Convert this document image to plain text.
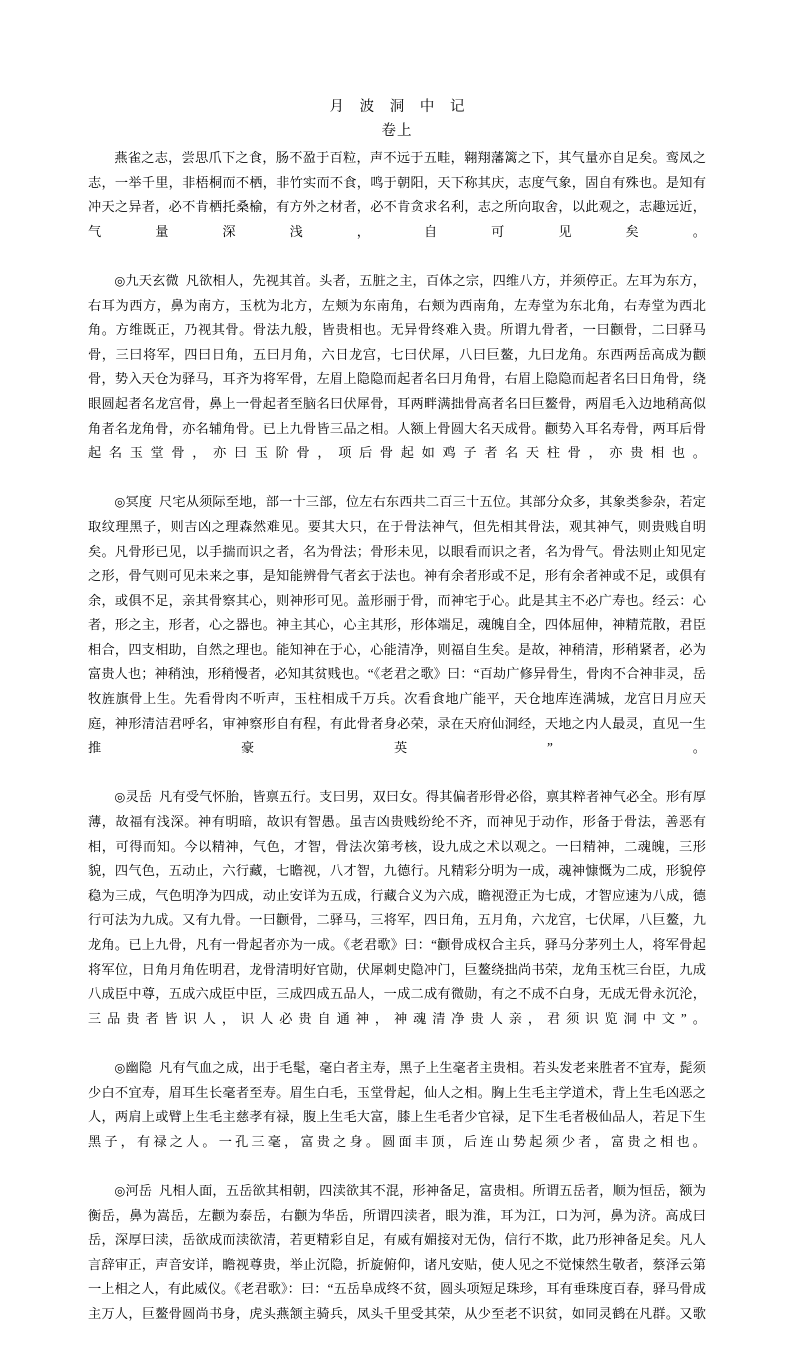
月 波 洞 中 记
卷上

燕雀之志，尝思爪下之食，肠不盈于百粒，声不远于五畦，翱翔藩篱之下，其气量亦自足矣。鸾凤之志，一举千里，非梧桐而不栖，非竹实而不食，鸣于朝阳，天下称其庆，志度气象，固自有殊也。是知有冲天之异者，必不肯栖托桑榆，有方外之材者，必不肯贪求名利，志之所向取舍，以此观之，志趣远近，气量深浅，自可见矣。

◎九天玄微 凡欲相人，先视其首。头者，五脏之主，百体之宗，四维八方，并须停正。左耳为东方，右耳为西方，鼻为南方，玉枕为北方，左颊为东南角，右颊为西南角，左寿堂为东北角，右寿堂为西北角。方维既正，乃视其骨。骨法九般，皆贵相也。无异骨终难入贵。所谓九骨者，一曰颧骨，二曰驿马骨，三曰将军，四曰日角，五曰月角，六日龙宫，七曰伏犀，八曰巨鳌，九曰龙角。东西两岳高成为颧骨，势入天仓为驿马，耳齐为将军骨，左眉上隐隐而起者名曰月角骨，右眉上隐隐而起者名曰日角骨，绕眼圆起者名龙宫骨，鼻上一骨起者至脑名曰伏犀骨，耳两畔满拙骨高者名曰巨鳌骨，两眉毛入边地稍高似角者名龙角骨，亦名辅角骨。已上九骨皆三品之相。人额上骨圆大名天成骨。颧势入耳名寿骨，两耳后骨起名玉堂骨，亦曰玉阶骨，项后骨起如鸡子者名天柱骨，亦贵相也。

◎冥度 尺宅从须际至地，部一十三部，位左右东西共二百三十五位。其部分众多，其象类参杂，若定取纹理黑子，则吉凶之理森然难见。要其大只，在于骨法神气，但先相其骨法，观其神气，则贵贱自明矣。凡骨形已见，以手揣而识之者，名为骨法；骨形未见，以眼看而识之者，名为骨气。骨法则止知见定之形，骨气则可见未来之事，是知能辨骨气者玄于法也。神有余者形或不足，形有余者神或不足，或俱有余，或俱不足，亲其骨察其心，则神形可见。盖形丽于骨，而神宅于心。此是其主不必广寿也。经云：心者，形之主，形者，心之器也。神主其心，心主其形，形体端足，魂魄自全，四体屈伸，神精荒散，君臣相合，四支相助，自然之理也。能知神在于心，心能清净，则福自生矣。是故，神稍清，形稍紧者，必为富贵人也；神稍浊，形稍慢者，必知其贫贱也。“《老君之歌》曰：“百劫广修异骨生，骨肉不合神非灵，岳牧旌旗骨上生。先看骨肉不听声，玉柱相成千万兵。次看食地广能平，天仓地库连满城，龙宫日月应天庭，神形清洁君呼名，审神察形自有程，有此骨者身必荣，录在天府仙洞经，天地之内人最灵，直见一生推豪英”。

◎灵岳 凡有受气怀胎，皆禀五行。支曰男，双曰女。得其偏者形骨必俗，禀其粹者神气必全。形有厚薄，故福有浅深。神有明暗，故识有智愚。虽吉凶贵贱纷纶不齐，而神见于动作，形备于骨法，善恶有相，可得而知。今以精神，气色，才智，骨法次第考核，设九成之术以观之。一曰精神，二魂魄，三形貌，四气色，五动止，六行藏，七瞻视，八才智，九德行。凡精彩分明为一成，魂神慷慨为二成，形貌停稳为三成，气色明净为四成，动止安详为五成，行藏合义为六成，瞻视澄正为七成，才智应速为八成，德行可法为九成。又有九骨。一曰颧骨，二驿马，三将军，四日角，五月角，六龙宫，七伏犀，八巨鳌，九龙角。已上九骨，凡有一骨起者亦为一成。《老君歌》曰：“颧骨成权合主兵，驿马分茅列土人，将军骨起将军位，日角月角佐明君，龙骨清明好官勋，伏犀刺史隐冲门，巨鳌绕拙尚书荣，龙角玉枕三台臣，九成八成臣中尊，五成六成臣中臣，三成四成五品人，一成二成有微勋，有之不成不白身，无成无骨永沉沦，三品贵者皆识人，识人必贵自通神，神魂清净贵人亲，君须识览洞中文”。

◎幽隐 凡有气血之成，出于毛髦，毫白者主寿，黑子上生毫者主贵相。若头发老来胜者不宜寿，髭须少白不宜寿，眉耳生长毫者至寿。眉生白毛，玉堂骨起，仙人之相。胸上生毛主学道术，背上生毛凶恶之人，两肩上或臂上生毛主慈孝有禄，腹上生毛大富，膝上生毛者少官禄，足下生毛者极仙品人，若足下生黑子，有禄之人。一孔三毫，富贵之身。圆面丰顶，后连山势起须少者，富贵之相也。

◎河岳 凡相人面，五岳欲其相朝，四渎欲其不混，形神备足，富贵相。所谓五岳者，顺为恒岳，额为衡岳，鼻为嵩岳，左颧为泰岳，右颧为华岳，所谓四渎者，眼为淮，耳为江，口为河，鼻为济。高成曰岳，深厚曰渎，岳欲成而渎欲清，若更精彩自足，有威有媚接对无伪，信行不欺，此乃形神备足矣。凡人言辞审正，声音安详，瞻视尊贵，举止沉隐，折旋俯仰，诸凡安贴，使人见之不觉悚然生敬者，蔡泽云第一上相之人，有此威仪。《老君歌》：曰：“五岳阜成终不贫，圆头项短足珠珍，耳有垂珠度百春，驿马骨成主万人，巨鳌骨圆尚书身，虎头燕颔主骑兵，凤头千里受其荣，从少至老不识贫，如同灵鹤在凡群。又歌
